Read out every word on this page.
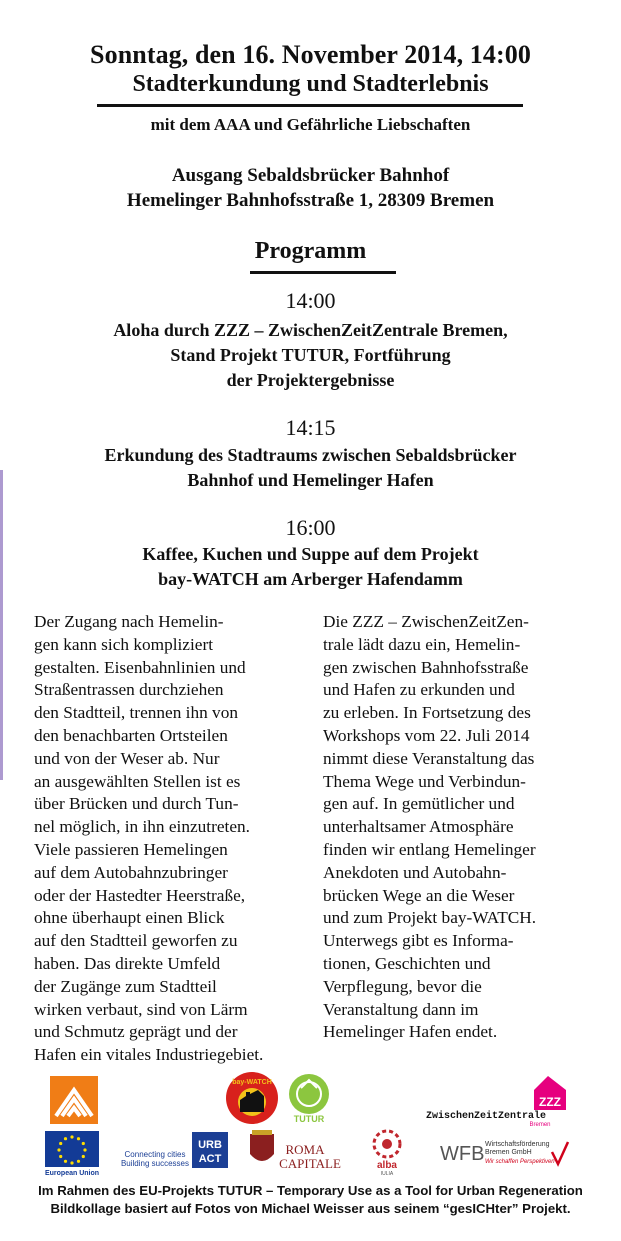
Sonntag, den 16. November 2014, 14:00
Stadterkundung und Stadterlebnis
mit dem AAA und Gefährliche Liebschaften
Ausgang Sebaldsbrücker Bahnhof
Hemelinger Bahnhofsstraße 1, 28309 Bremen
Programm
14:00
Aloha durch ZZZ – ZwischenZeitZentrale Bremen,
Stand Projekt TUTUR, Fortführung
der Projektergebnisse
14:15
Erkundung des Stadtraums zwischen Sebaldsbrücker
Bahnhof und Hemelinger Hafen
16:00
Kaffee, Kuchen und Suppe auf dem Projekt
bay-WATCH am Arberger Hafendamm
Der Zugang nach Hemelin-
gen kann sich kompliziert
gestalten. Eisenbahnlinien und
Straßentrassen durchziehen
den Stadtteil, trennen ihn von
den benachbarten Ortsteilen
und von der Weser ab. Nur
an ausgewählten Stellen ist es
über Brücken und durch Tun-
nel möglich, in ihn einzutreten.
Viele passieren Hemelingen
auf dem Autobahnzubringer
oder der Hastedter Heerstraße,
ohne überhaupt einen Blick
auf den Stadtteil geworfen zu
haben. Das direkte Umfeld
der Zugänge zum Stadtteil
wirken verbaut, sind von Lärm
und Schmutz geprägt und der
Hafen ein vitales Industriegebiet.
Die ZZZ – ZwischenZeitZen-
trale lädt dazu ein, Hemelin-
gen zwischen Bahnhofsstraße
und Hafen zu erkunden und
zu erleben. In Fortsetzung des
Workshops vom 22. Juli 2014
nimmt diese Veranstaltung das
Thema Wege und Verbindun-
gen auf. In gemütlicher und
unterhaltsamer Atmosphäre
finden wir entlang Hemelinger
Anekdoten und Autobahn-
brücken Wege an die Weser
und zum Projekt bay-WATCH.
Unterwegs gibt es Informa-
tionen, Geschichten und
Verpflegung, bevor die
Veranstaltung dann im
Hemelinger Hafen endet.
bay-WATCH
TUTUR
ZZZ
ZwischenZeitZentrale
Bremen
European Union
Connecting cities
Building successes
URB
ACT
ROMA
CAPITALE	alba
IULIA
WFB Wirtschaftsförderung
Bremen GmbH
Wir schaffen Perspektiven
Im Rahmen des EU-Projekts TUTUR – Temporary Use as a Tool for Urban Regeneration
Bildkollage basiert auf Fotos von Michael Weisser aus seinem “gesICHter” Projekt.
